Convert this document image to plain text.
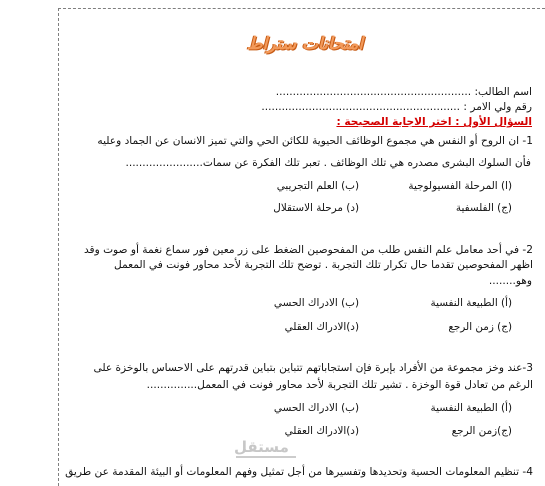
امتحانات ستراط
اسم الطالب: ..........................................................
رقم ولي الامر : ...........................................................
السؤال الأول : اختر الاجابة الصحيحة :
1- ان الروح أو النفس هي مجموع الوظائف الحيوية للكائن الحي والتي تميز الانسان عن الجماد وعليه
فأن السلوك البشرى مصدره هي تلك الوظائف . تعبر تلك الفكرة عن سمات.......................
(ا) المرحلة الفسيولوجية
(ب) العلم التجريبي
(ج) الفلسفية
(د) مرحلة الاستقلال
2- في أحد معامل علم النفس طلب من المفحوصين الضغط على زر معين فور سماع نغمة أو صوت وقد
اظهر المفحوصين تقدما حال تكرار تلك التجربة . توضح تلك التجربة لأحد محاور فونت في المعمل
وهو........
(أ) الطبيعة النفسية
(ب) الادراك الحسي
(ج) زمن الرجع
(د)الادراك العقلي
3-عند وخز مجموعة من الأفراد بإبرة فإن استجاباتهم تتباين بتباين قدرتهم على الاحساس بالوخزة على
الرغم من تعادل قوة الوخزة . تشير تلك التجربة لأحد محاور فونت في المعمل...............
(أ) الطبيعة النفسية
(ب) الادراك الحسي
(ج)زمن الرجع
(د)الادراك العقلي
4- تنظيم المعلومات الحسية وتحديدها وتفسيرها من أجل تمثيل وفهم المعلومات أو البيئة المقدمة عن طريق
مستقل
